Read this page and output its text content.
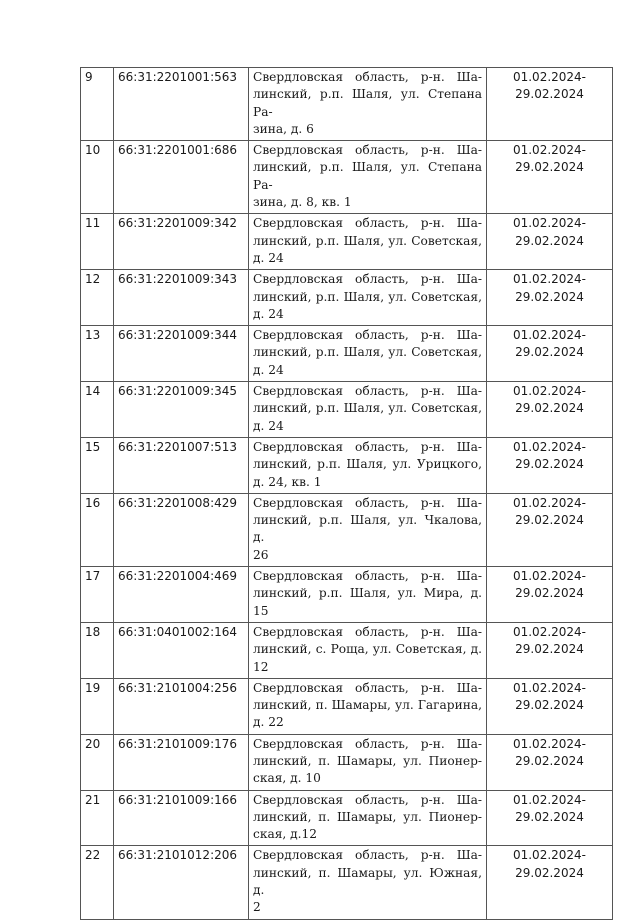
9	66:31:2201001:563	Свердловская область, р-н. Ша-
линский, р.п. Шаля, ул. Степана Ра-
зина, д. 6	01.02.2024-
29.02.2024

10	66:31:2201001:686	Свердловская область, р-н. Ша-
линский, р.п. Шаля, ул. Степана Ра-
зина, д. 8, кв. 1	01.02.2024-
29.02.2024

11	66:31:2201009:342	Свердловская область, р-н. Ша-
линский, р.п. Шаля, ул. Советская,
д. 24	01.02.2024-
29.02.2024

12	66:31:2201009:343	Свердловская область, р-н. Ша-
линский, р.п. Шаля, ул. Советская,
д. 24	01.02.2024-
29.02.2024

13	66:31:2201009:344	Свердловская область, р-н. Ша-
линский, р.п. Шаля, ул. Советская,
д. 24	01.02.2024-
29.02.2024

14	66:31:2201009:345	Свердловская область, р-н. Ша-
линский, р.п. Шаля, ул. Советская,
д. 24	01.02.2024-
29.02.2024

15	66:31:2201007:513	Свердловская область, р-н. Ша-
линский, р.п. Шаля, ул. Урицкого,
д. 24, кв. 1	01.02.2024-
29.02.2024

16	66:31:2201008:429	Свердловская область, р-н. Ша-
линский, р.п. Шаля, ул. Чкалова, д.
26	01.02.2024-
29.02.2024

17	66:31:2201004:469	Свердловская область, р-н. Ша-
линский, р.п. Шаля, ул. Мира, д. 15	01.02.2024-
29.02.2024

18	66:31:0401002:164	Свердловская область, р-н. Ша-
линский, с. Роща, ул. Советская, д.
12	01.02.2024-
29.02.2024

19	66:31:2101004:256	Свердловская область, р-н. Ша-
линский, п. Шамары, ул. Гагарина,
д. 22	01.02.2024-
29.02.2024

20	66:31:2101009:176	Свердловская область, р-н. Ша-
линский, п. Шамары, ул. Пионер-
ская, д. 10	01.02.2024-
29.02.2024

21	66:31:2101009:166	Свердловская область, р-н. Ша-
линский, п. Шамары, ул. Пионер-
ская, д.12	01.02.2024-
29.02.2024

22	66:31:2101012:206	Свердловская область, р-н. Ша-
линский, п. Шамары, ул. Южная, д.
2	01.02.2024-
29.02.2024
